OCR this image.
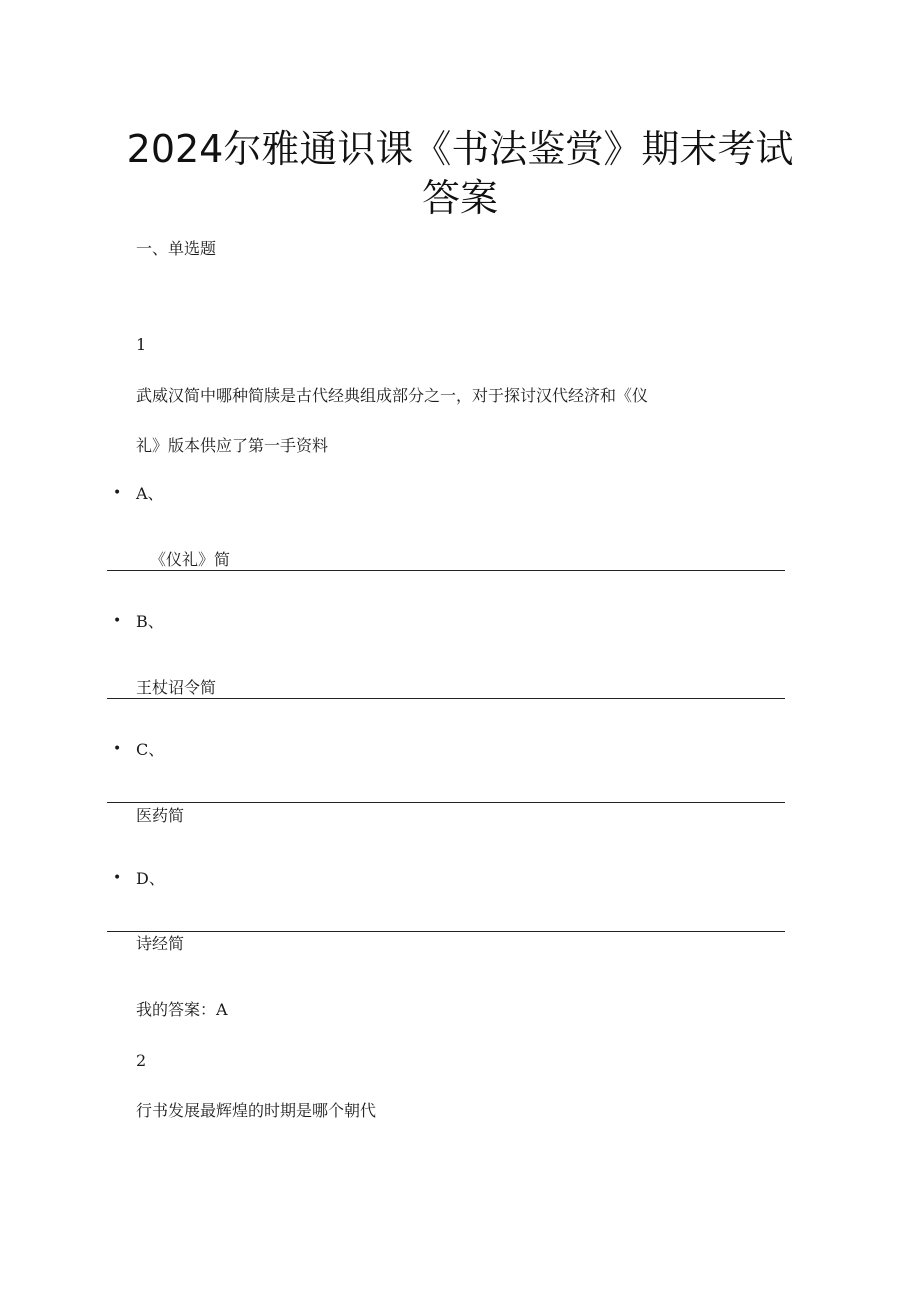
2024尔雅通识课《书法鉴赏》期末考试
答案
一、单选题
1
武威汉简中哪种简牍是古代经典组成部分之一，对于探讨汉代经济和《仪
礼》版本供应了第一手资料
• A、
《仪礼》简
• B、
王杖诏令简
• C、
医药简
• D、
诗经简
我的答案：A
2
行书发展最辉煌的时期是哪个朝代
